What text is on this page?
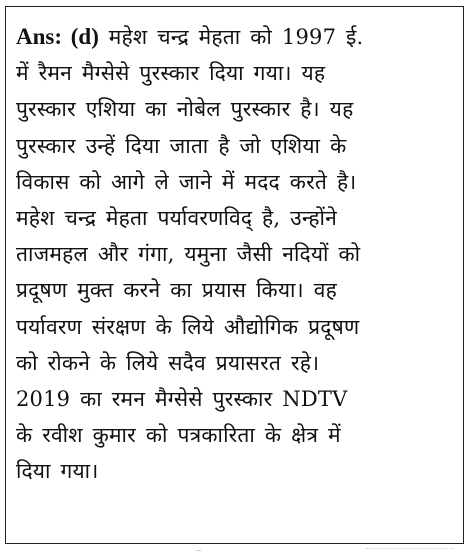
Ans: (d) महेश चन्द्र मेहता को 1997 ई.
में रैमन मैग्सेसे पुरस्कार दिया गया। यह
पुरस्कार एशिया का नोबेल पुरस्कार है। यह
पुरस्कार उन्हें दिया जाता है जो एशिया के
विकास को आगे ले जाने में मदद करते है।
महेश चन्द्र मेहता पर्यावरणविद् है, उन्होंने
ताजमहल और गंगा, यमुना जैसी नदियों को
प्रदूषण मुक्त करने का प्रयास किया। वह
पर्यावरण संरक्षण के लिये औद्योगिक प्रदूषण
को रोकने के लिये सदैव प्रयासरत रहे।
2019 का रमन मैग्सेसे पुरस्कार NDTV
के रवीश कुमार को पत्रकारिता के क्षेत्र में
दिया गया।
